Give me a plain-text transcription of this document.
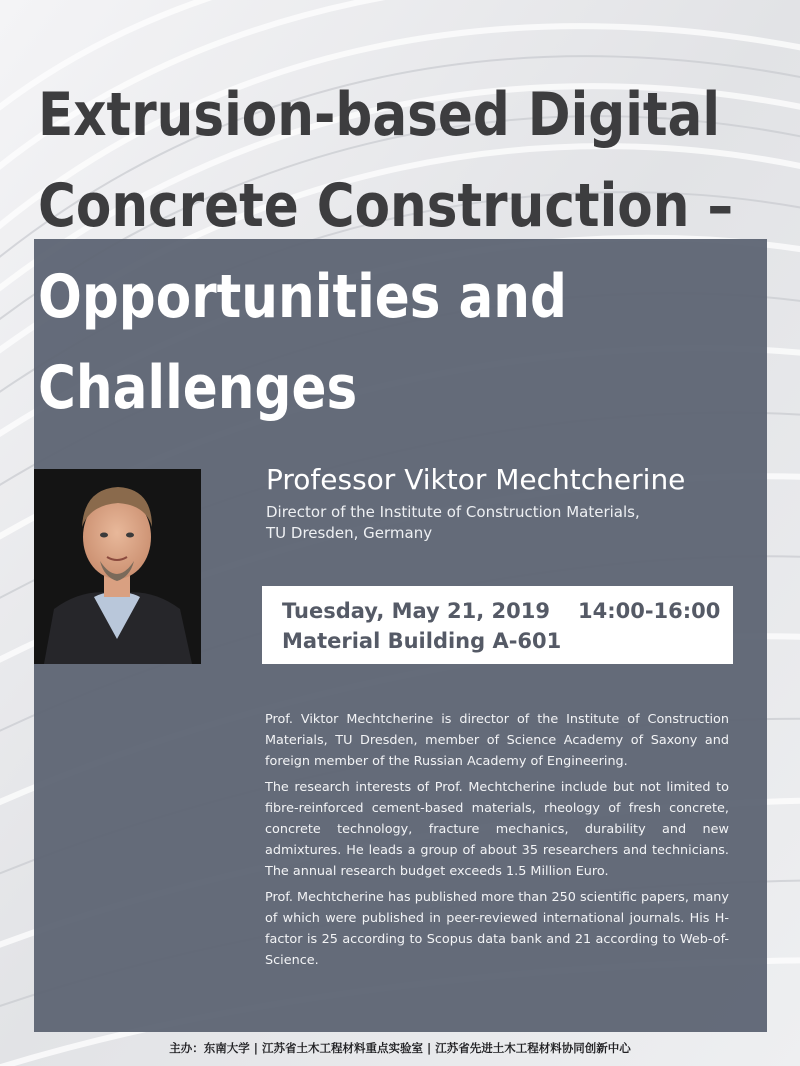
Extrusion-based Digital
Concrete Construction –
Opportunities and
Challenges
Professor Viktor Mechtcherine
Director of the Institute of Construction Materials,
TU Dresden, Germany
Tuesday, May 21, 2019 14:00-16:00
Material Building A-601

Prof. Viktor Mechtcherine is director of the Institute of Construction Materials, TU Dresden, member of Science Academy of Saxony and foreign member of the Russian Academy of Engineering.

The research interests of Prof. Mechtcherine include but not limited to fibre-reinforced cement-based materials, rheology of fresh concrete, concrete technology, fracture mechanics, durability and new admixtures. He leads a group of about 35 researchers and technicians. The annual research budget exceeds 1.5 Million Euro.

Prof. Mechtcherine has published more than 250 scientific papers, many of which were published in peer-reviewed international journals. His H-factor is 25 according to Scopus data bank and 21 according to Web-of-Science.

主办：东南大学 | 江苏省土木工程材料重点实验室 | 江苏省先进土木工程材料协同创新中心
